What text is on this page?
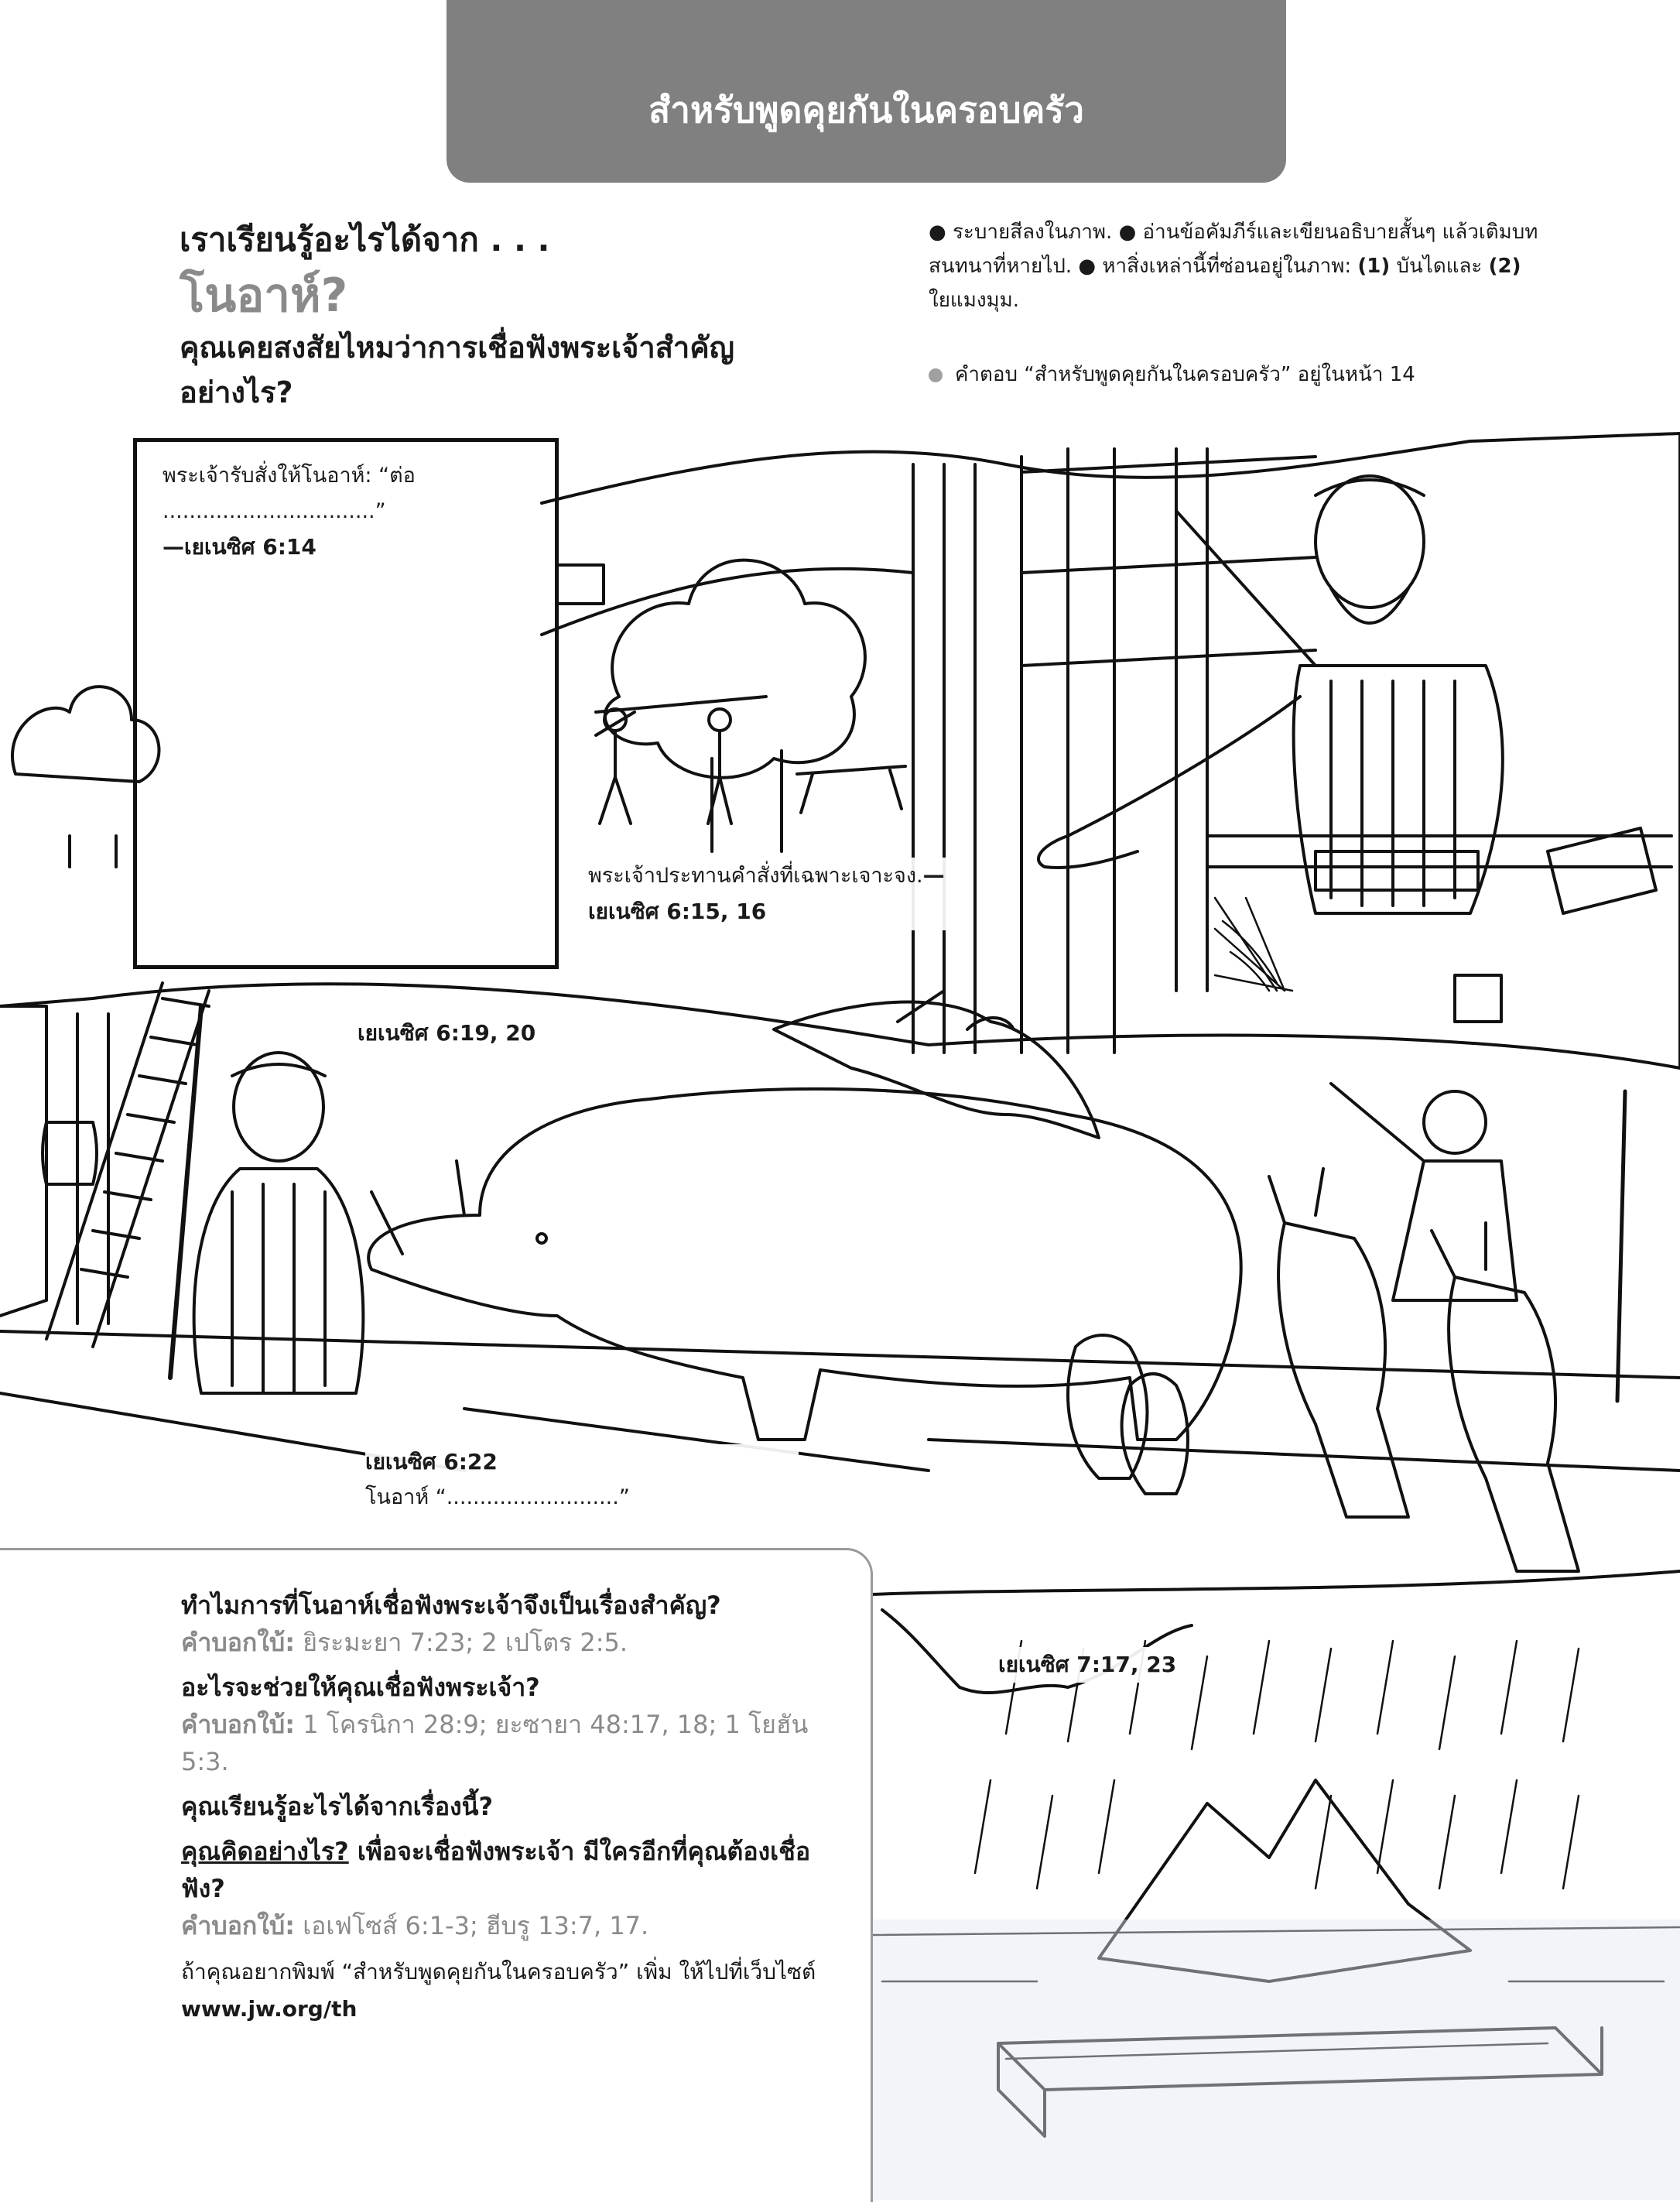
สำหรับพูดคุยกันในครอบครัว
เราเรียนรู้อะไรได้จาก . . .
โนอาห์?
คุณเคยสงสัยไหมว่าการเชื่อฟังพระเจ้าสำคัญอย่างไร?
● ระบายสีลงในภาพ. ● อ่านข้อคัมภีร์และเขียนอธิบายสั้นๆ แล้วเติมบทสนทนาที่หายไป. ● หาสิ่งเหล่านี้ที่ซ่อนอยู่ในภาพ: (1) บันไดและ (2) ใยแมงมุม.
คำตอบ “สำหรับพูดคุยกันในครอบครัว” อยู่ในหน้า 14
พระเจ้ารับสั่งให้โนอาห์: “ต่อ
................................”
—เยเนซิศ 6:14
พระเจ้าประทานคำสั่งที่เฉพาะเจาะจง.—เยเนซิศ 6:15, 16
เยเนซิศ 6:19, 20
เยเนซิศ 6:22
โนอาห์ “..........................”
เยเนซิศ 7:17, 23
ทำไมการที่โนอาห์เชื่อฟังพระเจ้าจึงเป็นเรื่องสำคัญ?
คำบอกใบ้: ยิระมะยา 7:23; 2 เปโตร 2:5.
อะไรจะช่วยให้คุณเชื่อฟังพระเจ้า?
คำบอกใบ้: 1 โครนิกา 28:9; ยะซายา 48:17, 18; 1 โยฮัน 5:3.
คุณเรียนรู้อะไรได้จากเรื่องนี้?
คุณคิดอย่างไร? เพื่อจะเชื่อฟังพระเจ้า มีใครอีกที่คุณต้องเชื่อฟัง?
คำบอกใบ้: เอเฟโซส์ 6:1-3; ฮีบรู 13:7, 17.
ถ้าคุณอยากพิมพ์ “สำหรับพูดคุยกันในครอบครัว” เพิ่ม ให้ไปที่เว็บไซต์ www.jw.org/th
